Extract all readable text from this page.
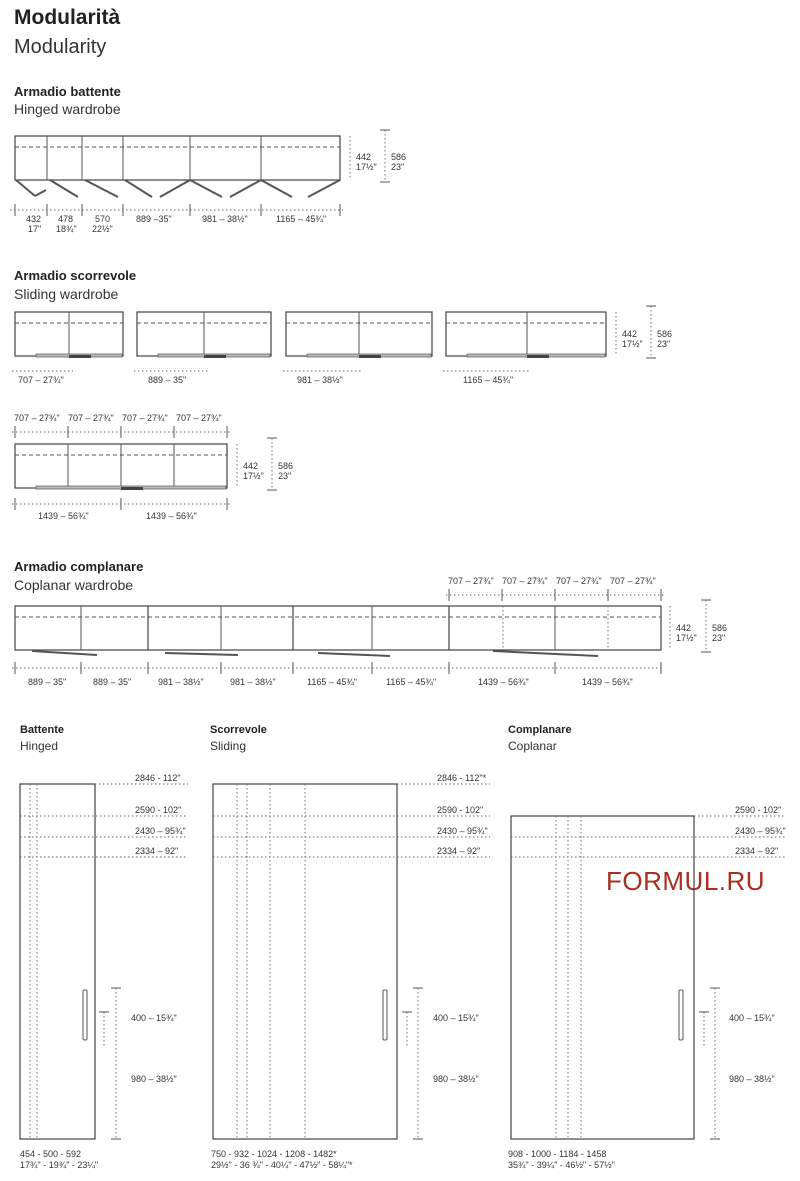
Modularità
Modularity
Armadio battente
Hinged wardrobe
Armadio scorrevole
Sliding wardrobe
Armadio complanare
Coplanar wardrobe
Battente
Hinged
Scorrevole
Sliding
Complanare
Coplanar
FORMUL.RU
442
17½"
586
23"
432
17"
478
18¾"
570
22½"
889 –35"	981 – 38½"	1165 – 45¾"
442
17½"
586
23"
707 – 27¾"	889 – 35"	981 – 38½"	1165 – 45¾"
707 – 27¾" 707 – 27¾" 707 – 27¾" 707 – 27¾"
442
17½"
586
23"
1439 – 56¾"	1439 – 56¾"
707 – 27¾" 707 – 27¾" 707 – 27¾" 707 – 27¾"
442
17½"
586
23"
889 – 35"	889 – 35"	981 – 38½"	981 – 38½"	1165 – 45¾"	1165 – 45¾"	1439 – 56¾"	1439 – 56¾"
2846 - 112"
2590 - 102"
2430 – 95¾"
2334 – 92"
400 – 15¾"
980 – 38½"
454 - 500 - 592
17¾" - 19¾" - 23¼"
2846 - 112"*
2590 - 102"
2430 – 95¾"
2334 – 92"
400 – 15¾"
980 – 38½"
750 - 932 - 1024 - 1208 - 1482*
29½" - 36 ¾" - 40¼" - 47½" - 58¼"*
2590 - 102"
2430 – 95¾"
2334 – 92"
400 – 15¾"
980 – 38½"
908 - 1000 - 1184 - 1458
35¾" - 39¼" - 46½" - 57½"
